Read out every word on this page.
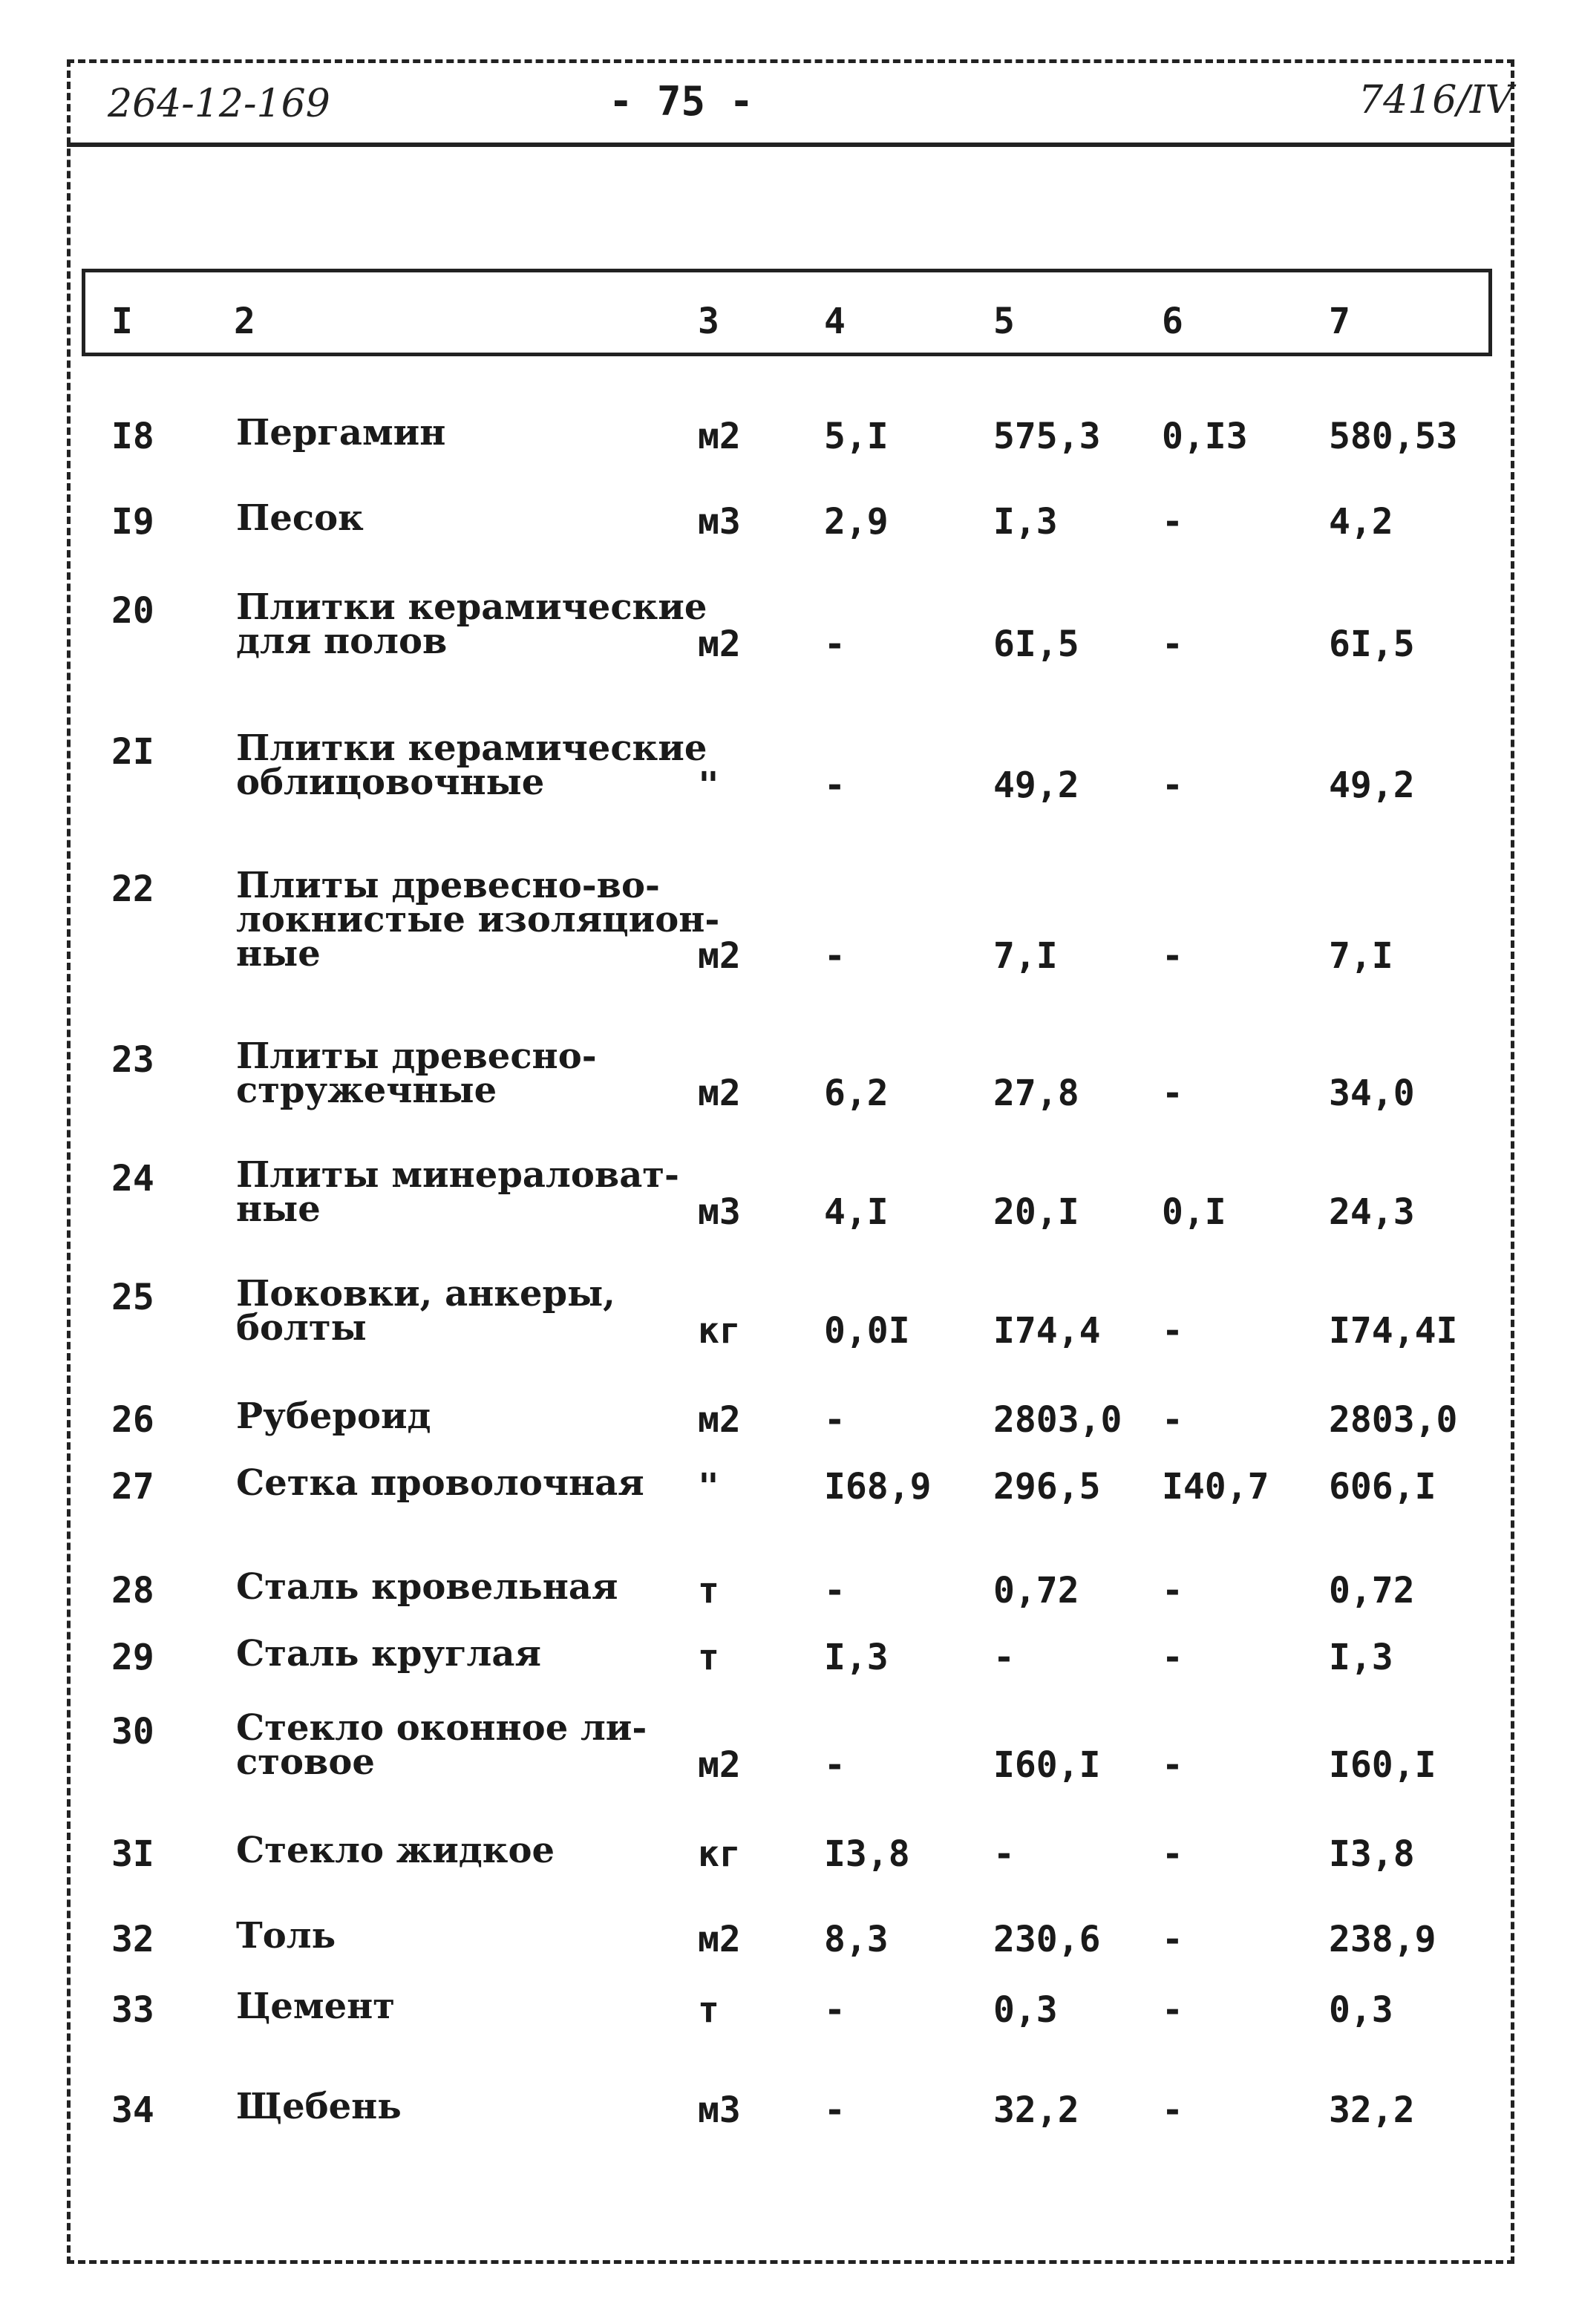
264-12-169	- 75 -	7416/IV
I	2	3	4	5	6	7
I8 Пергамин	м2 5,I	575,3 0,I3 580,53
I9 Песок	м3 2,9	I,3	-	4,2
20 Плитки керамические
для полов	м2 -	6I,5 -	6I,5
2I Плитки керамические
облицовочные	"	-	49,2 -	49,2
22 Плиты древесно-во-
локнистые изоляцион-
ные	м2 -	7,I	-	7,I
23 Плиты древесно-
стружечные	м2 6,2	27,8 -	34,0
24 Плиты минераловат-
ные	м3 4,I	20,I 0,I	24,3
25 Поковки, анкеры,
болты	кг 0,0I I74,4 -	I74,4I
26 Рубероид	м2 -	2803,0 -	2803,0
27 Сетка проволочная "	I68,9 296,5 I40,7 606,I
28 Сталь кровельная т	-	0,72 -	0,72
29 Сталь круглая	т	I,3	-	-	I,3
30 Стекло оконное ли-
стовое	м2 -	I60,I -	I60,I
3I Стекло жидкое	кг I3,8 -	-	I3,8
32 Толь	м2 8,3	230,6 -	238,9
33 Цемент	т	-	0,3	-	0,3
34 Щебень	м3 -	32,2 -	32,2
